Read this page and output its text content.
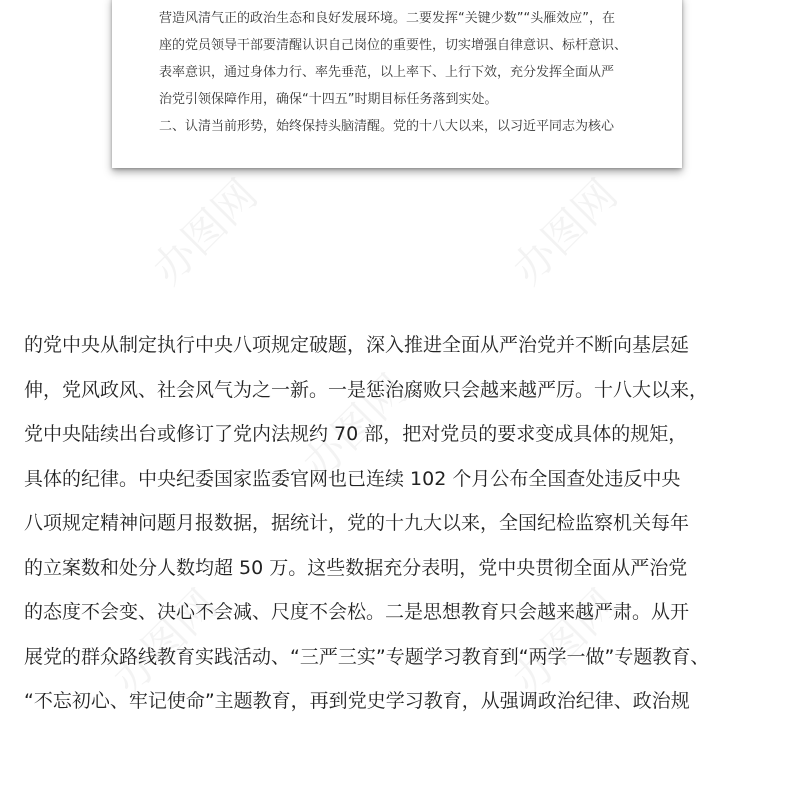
营造风清气正的政治生态和良好发展环境。二要发挥“关键少数”“头雁效应”，在
座的党员领导干部要清醒认识自己岗位的重要性，切实增强自律意识、标杆意识、
表率意识，通过身体力行、率先垂范，以上率下、上行下效，充分发挥全面从严
治党引领保障作用，确保“十四五”时期目标任务落到实处。
二、认清当前形势，始终保持头脑清醒。党的十八大以来，以习近平同志为核心
办图网	办图网
办图网
办图网	办图网
的党中央从制定执行中央八项规定破题，深入推进全面从严治党并不断向基层延
伸，党风政风、社会风气为之一新。一是惩治腐败只会越来越严厉。十八大以来，
党中央陆续出台或修订了党内法规约 70 部，把对党员的要求变成具体的规矩，
具体的纪律。中央纪委国家监委官网也已连续 102 个月公布全国查处违反中央
八项规定精神问题月报数据，据统计，党的十九大以来，全国纪检监察机关每年
的立案数和处分人数均超 50 万。这些数据充分表明，党中央贯彻全面从严治党
的态度不会变、决心不会减、尺度不会松。二是思想教育只会越来越严肃。从开
展党的群众路线教育实践活动、“三严三实”专题学习教育到“两学一做”专题教育、
“不忘初心、牢记使命”主题教育，再到党史学习教育，从强调政治纪律、政治规
